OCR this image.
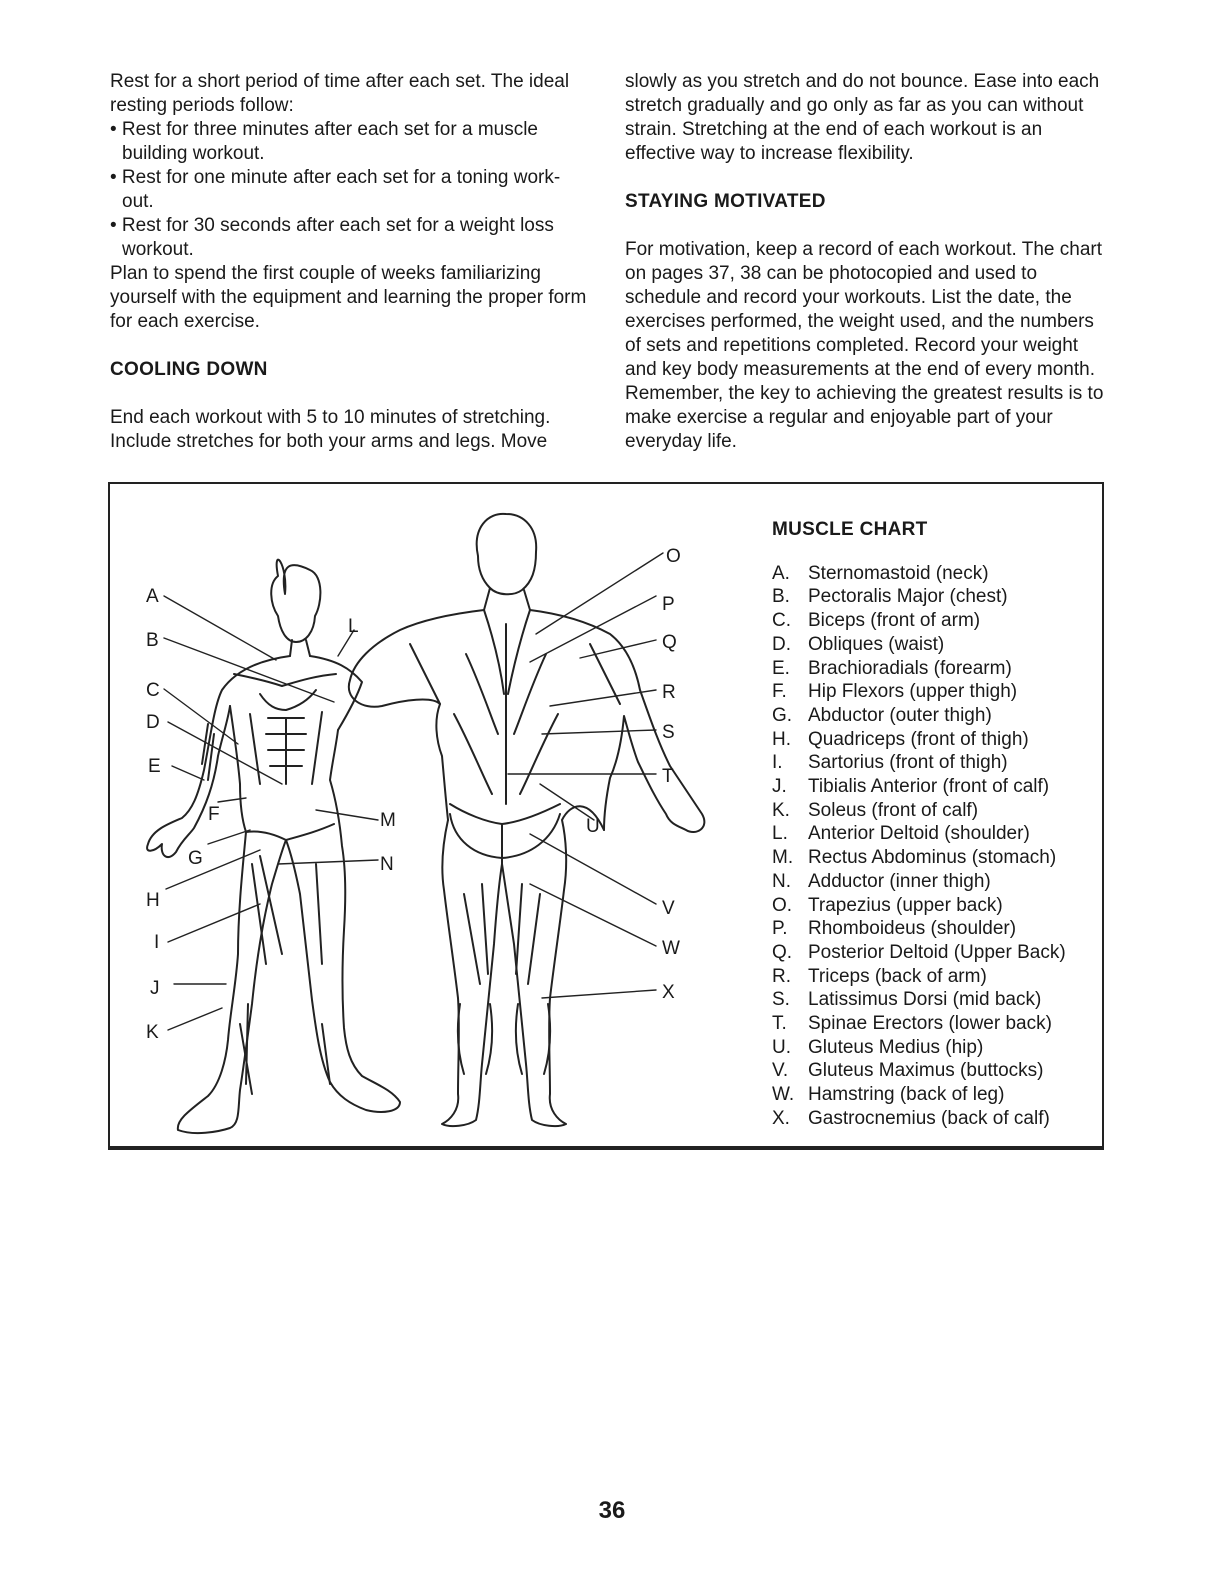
Rest for a short period of time after each set. The ideal resting periods follow:

• Rest for three minutes after each set for a muscle building workout.

• Rest for one minute after each set for a toning work- out.

• Rest for 30 seconds after each set for a weight loss workout.

Plan to spend the first couple of weeks familiarizing yourself with the equipment and learning the proper form for each exercise.

COOLING DOWN

End each workout with 5 to 10 minutes of stretching. Include stretches for both your arms and legs. Move

slowly as you stretch and do not bounce. Ease into each stretch gradually and go only as far as you can without strain. Stretching at the end of each workout is an effective way to increase flexibility.

STAYING MOTIVATED

For motivation, keep a record of each workout. The chart on pages 37, 38 can be photocopied and used to schedule and record your workouts. List the date, the exercises performed, the weight used, and the numbers of sets and repetitions completed. Record your weight and key body measurements at the end of every month. Remember, the key to achieving the greatest results is to make exercise a regular and enjoyable part of your everyday life.

A
B
C
D
E
F
G
H
I
J
K
L
M
N
O
P
Q
R
S
T
U
V
W
X
MUSCLE CHART
A. Sternomastoid (neck)
B. Pectoralis Major (chest)
C. Biceps (front of arm)
D. Obliques (waist)
E. Brachioradials (forearm)
F.	Hip Flexors (upper thigh)
G. Abductor (outer thigh)
H. Quadriceps (front of thigh)
I.	Sartorius (front of thigh)
J.	Tibialis Anterior (front of calf)
K. Soleus (front of calf)
L.	Anterior Deltoid (shoulder)
M. Rectus Abdominus (stomach)
N. Adductor (inner thigh)
O. Trapezius (upper back)
P.	Rhomboideus (shoulder)
Q. Posterior Deltoid (Upper Back)
R. Triceps (back of arm)
S. Latissimus Dorsi (mid back)
T.	Spinae Erectors (lower back)
U. Gluteus Medius (hip)
V.	Gluteus Maximus (buttocks)
W. Hamstring (back of leg)
X. Gastrocnemius (back of calf)
36
